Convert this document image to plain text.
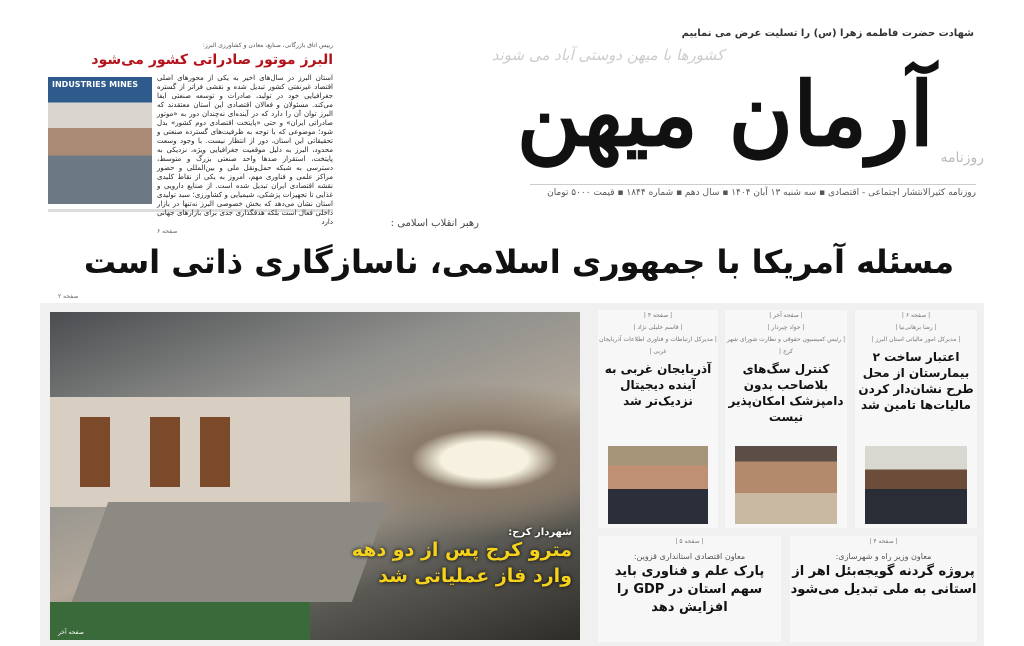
شهادت حضرت فاطمه زهرا (س) را تسلیت عرض می نماییم
کشورها با میهن دوستی آباد می شوند
آرمان میهن روزنامه
روزنامه کثیرالانتشار اجتماعی - اقتصادی ▪ سه شنبه ۱۳ آبان ۱۴۰۴ ▪ سال دهم ▪ شماره ۱۸۴۴ ▪ قیمت ۵۰۰۰ تومان
رییس اتاق بازرگانی، صنایع، معادن و کشاورزی البرز:
البرز موتور صادراتی کشور می‌شود
INDUSTRIES MINES
استان البرز در سال‌های اخیر به یکی از محورهای اصلی اقتصاد غیرنفتی کشور تبدیل شده و نقشی فراتر از گستره جغرافیایی خود در تولید، صادرات و توسعه صنعتی ایفا می‌کند. مسئولان و فعالان اقتصادی این استان معتقدند که البرز توان آن را دارد که در آینده‌ای نه‌چندان دور به «موتور صادراتی ایران» و حتی «پایتخت اقتصادی دوم کشور» بدل شود؛ موضوعی که با توجه به ظرفیت‌های گسترده صنعتی و تحقیقاتی این استان، دور از انتظار نیست. با وجود وسعت محدود، البرز به دلیل موقعیت جغرافیایی ویژه، نزدیکی به پایتخت، استقرار صدها واحد صنعتی بزرگ و متوسط، دسترسی به شبکه حمل‌ونقل ملی و بین‌المللی و حضور مراکز علمی و فناوری مهم، امروز به یکی از نقاط کلیدی نقشه اقتصادی ایران تبدیل شده است. از صنایع دارویی و غذایی تا تجهیزات پزشکی، شیمیایی و کشاورزی؛ سبد تولیدی استان نشان می‌دهد که بخش خصوصی البرز نه‌تنها در بازار داخلی فعال است بلکه هدفگذاری جدی برای بازارهای جهانی دارد
صفحه ۶
رهبر انقلاب اسلامی :
مسئله آمریکا با جمهوری اسلامی، ناسازگاری ذاتی است
صفحه ۲
شهردار کرج:
مترو کرج پس از دو دهه
وارد فاز عملیاتی شد
صفحه آخر
| صفحه ۶ |
| رضا برهانی‌نیا |
| مدیرکل امور مالیاتی استان البرز |
اعتبار ساخت ۲ بیمارستان از محل طرح نشان‌دار کردن مالیات‌ها تامین شد
| صفحه آخر |
| جواد چیردار |
| رئیس کمیسیون حقوقی و نظارت شورای شهر کرج |
کنترل سگ‌های بلاصاحب بدون دامپزشک امکان‌پذیر نیست
| صفحه ۴ |
| قاسم خلیلی نژاد |
| مدیرکل ارتباطات و فناوری اطلاعات آذربایجان غربی |
آذربایجان غربی به آینده دیجیتال نزدیک‌تر شد
| صفحه ۴ |
معاون وزیر راه و شهرسازی:
پروژه گردنه گویجه‌بئل اهر از استانی به ملی تبدیل می‌شود
| صفحه ۵ |
معاون اقتصادی استانداری قزوین:
پارک علم و فناوری باید سهم استان در GDP را افزایش دهد
